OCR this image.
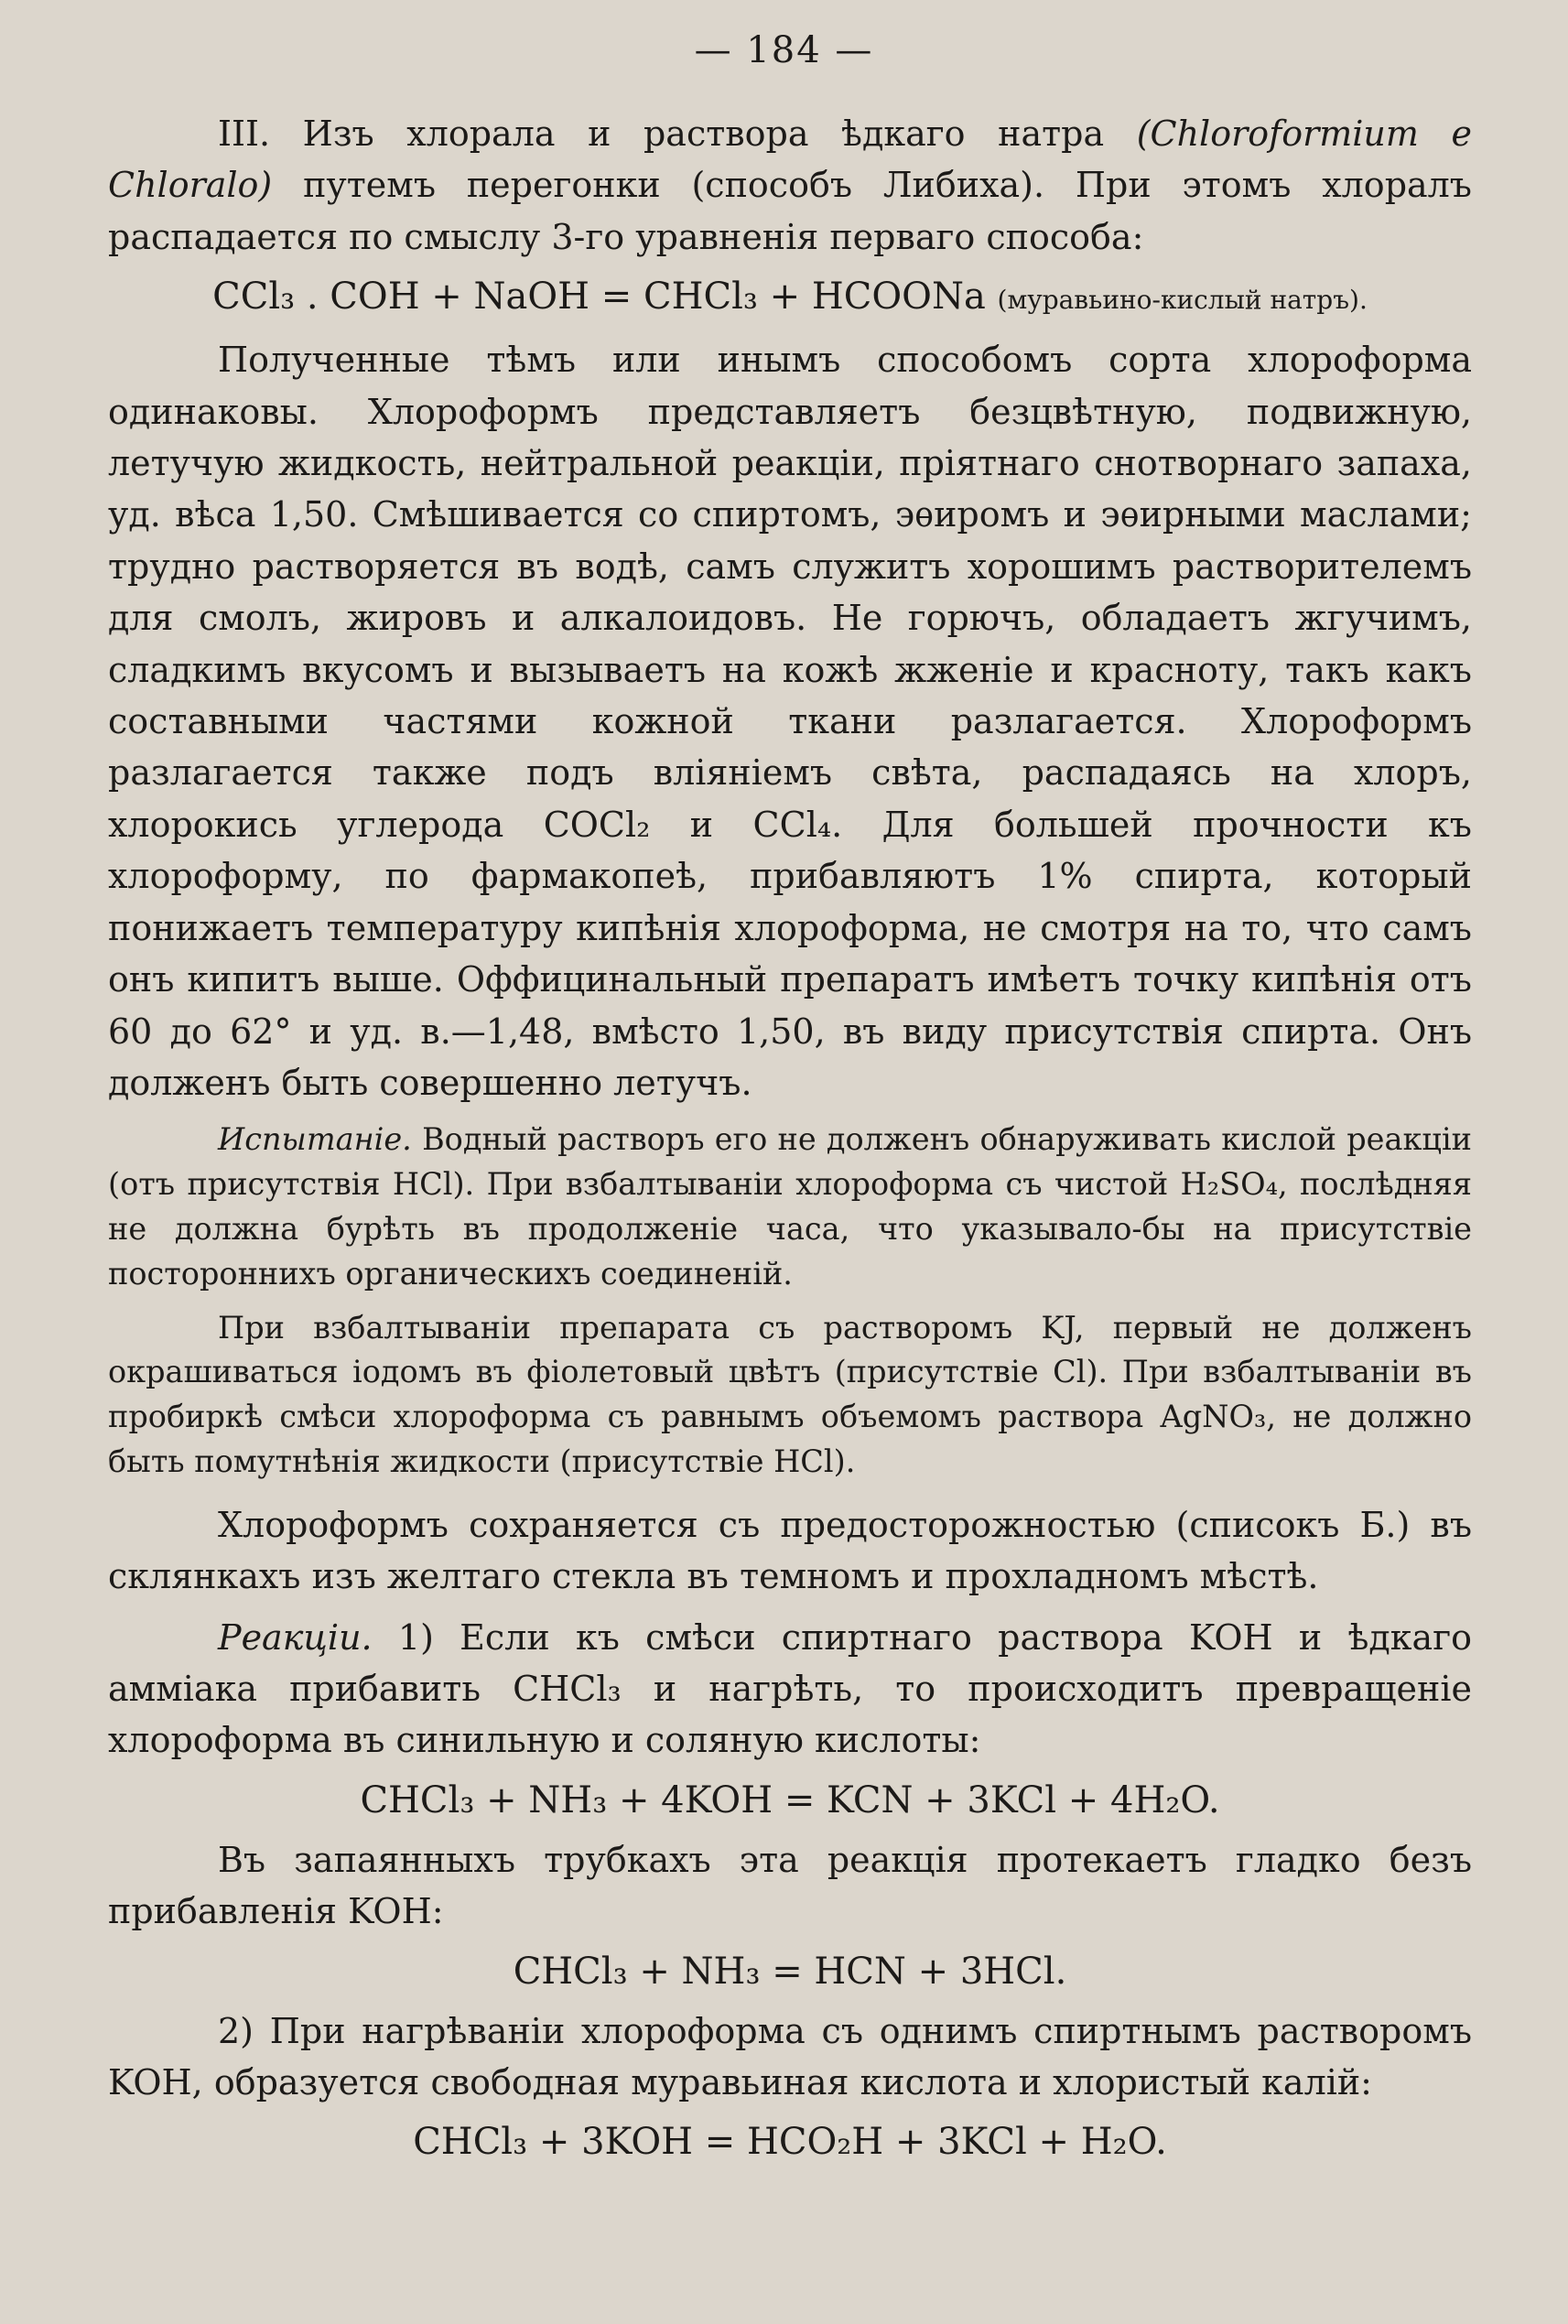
— 184 —

III. Изъ хлорала и раствора ѣдкаго натра (Chloroformium e Chloralo) путемъ перегонки (способъ Либиха). При этомъ хлоралъ распадается по смыслу 3-го уравненія перваго способа:

CCl₃ . COH + NaOH = CHCl₃ + HCOONa (муравьино-кислый натръ).

Полученные тѣмъ или инымъ способомъ сорта хлороформа одинаковы. Хлороформъ представляетъ безцвѣтную, подвижную, летучую жидкость, нейтральной реакціи, пріятнаго снотворнаго запаха, уд. вѣса 1,50. Смѣшивается со спиртомъ, эѳиромъ и эѳирными маслами; трудно растворяется въ водѣ, самъ служитъ хорошимъ растворителемъ для смолъ, жировъ и алкалоидовъ. Не горючъ, обладаетъ жгучимъ, сладкимъ вкусомъ и вызываетъ на кожѣ жженіе и красноту, такъ какъ составными частями кожной ткани разлагается. Хлороформъ разлагается также подъ вліяніемъ свѣта, распадаясь на хлоръ, хлорокись углерода COCl₂ и CCl₄. Для большей прочности къ хлороформу, по фармакопеѣ, прибавляютъ 1% спирта, который понижаетъ температуру кипѣнія хлороформа, не смотря на то, что самъ онъ кипитъ выше. Оффицинальный препаратъ имѣетъ точку кипѣнія отъ 60 до 62° и уд. в.—1,48, вмѣсто 1,50, въ виду присутствія спирта. Онъ долженъ быть совершенно летучъ.

Испытаніе. Водный растворъ его не долженъ обнаруживать кислой реакціи (отъ присутствія HCl). При взбалтываніи хлороформа съ чистой H₂SO₄, послѣдняя не должна бурѣть въ продолженіе часа, что указывало-бы на присутствіе постороннихъ органическихъ соединеній.

При взбалтываніи препарата съ растворомъ KJ, первый не долженъ окрашиваться іодомъ въ фіолетовый цвѣтъ (присутствіе Cl). При взбалтываніи въ пробиркѣ смѣси хлороформа съ равнымъ объемомъ раствора AgNO₃, не должно быть помутнѣнія жидкости (присутствіе HCl).

Хлороформъ сохраняется съ предосторожностью (списокъ Б.) въ склянкахъ изъ желтаго стекла въ темномъ и прохладномъ мѣстѣ.

Реакціи. 1) Если къ смѣси спиртнаго раствора KOH и ѣдкаго амміака прибавить CHCl₃ и нагрѣть, то происходитъ превращеніе хлороформа въ синильную и соляную кислоты:

CHCl₃ + NH₃ + 4KOH = KCN + 3KCl + 4H₂O.

Въ запаянныхъ трубкахъ эта реакція протекаетъ гладко безъ прибавленія KOH:

CHCl₃ + NH₃ = HCN + 3HCl.

2) При нагрѣваніи хлороформа съ однимъ спиртнымъ растворомъ KOH, образуется свободная муравьиная кислота и хлористый калій:

CHCl₃ + 3KOH = HCO₂H + 3KCl + H₂O.
